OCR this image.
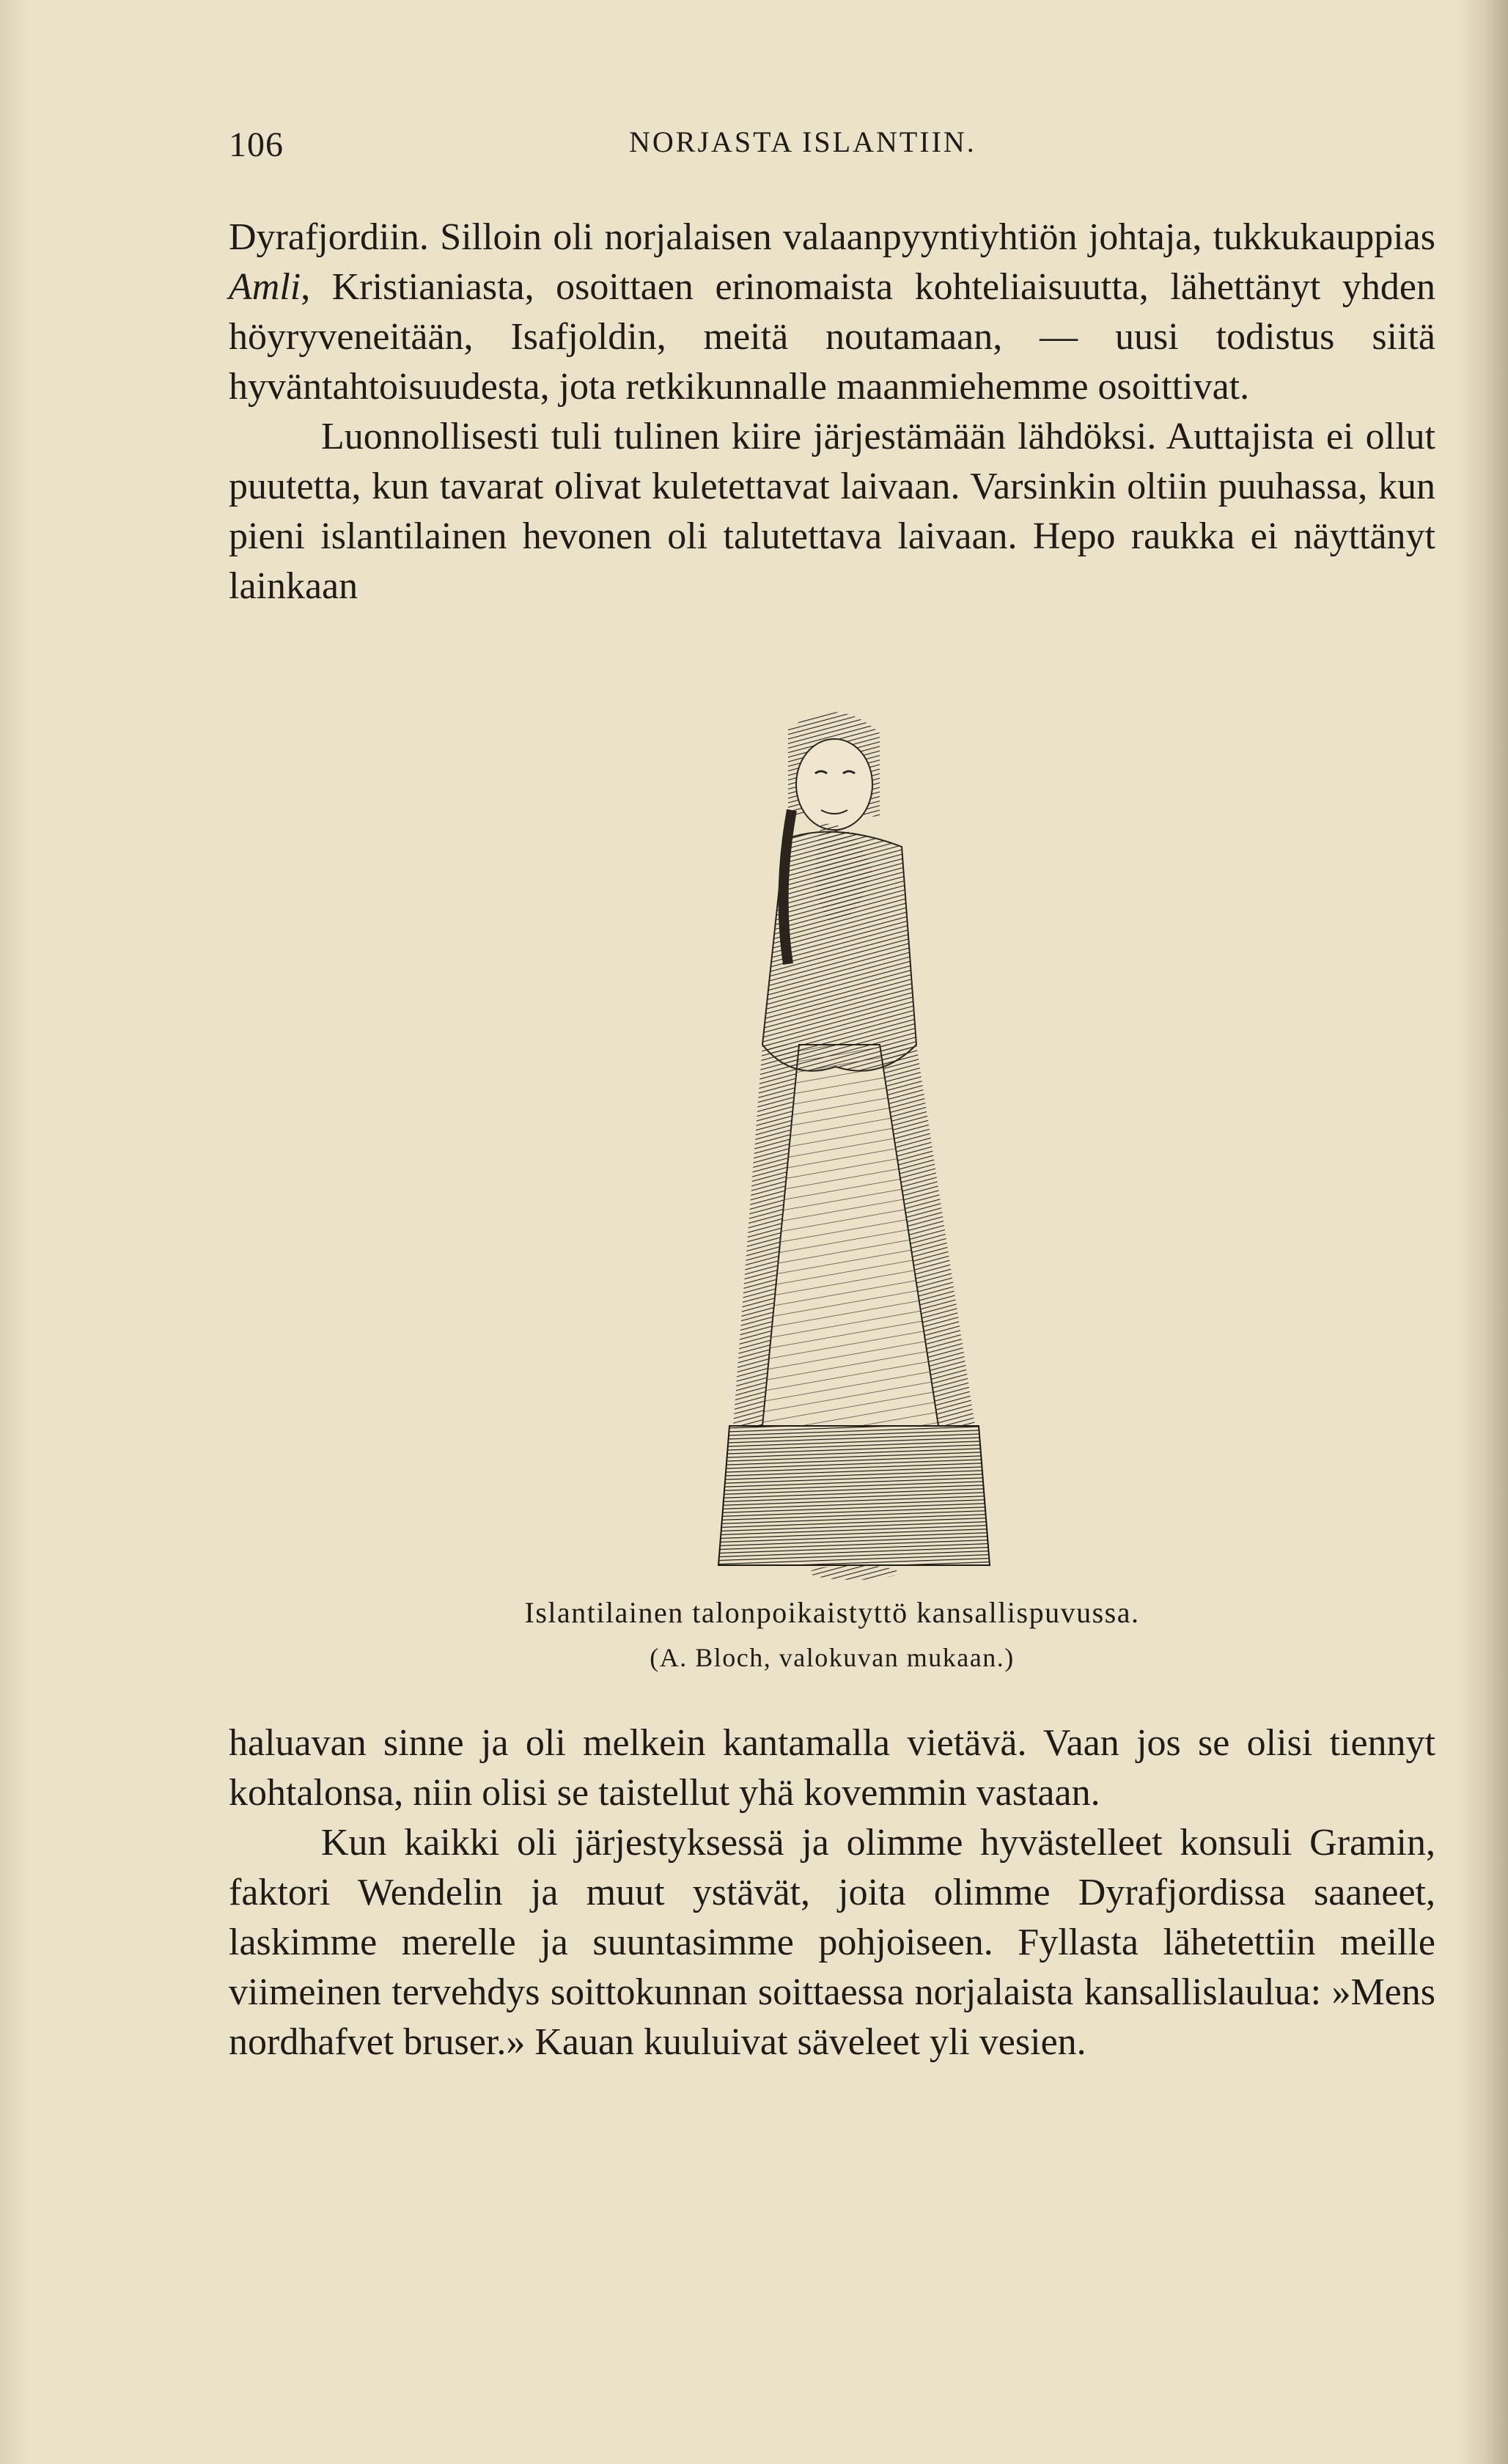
106	NORJASTA ISLANTIIN.

Dyrafjordiin. Silloin oli norjalaisen valaanpyyntiyhtiön johtaja, tukkukauppias Amli, Kristianiasta, osoittaen erinomaista kohteliaisuutta, lähettänyt yhden höyryveneitään, Isafjoldin, meitä noutamaan, — uusi todistus siitä hyväntahtoisuudesta, jota retkikunnalle maanmiehemme osoittivat.

Luonnollisesti tuli tulinen kiire järjestämään lähdöksi. Auttajista ei ollut puutetta, kun tavarat olivat kuletettavat laivaan. Varsinkin oltiin puuhassa, kun pieni islantilainen hevonen oli talutettava laivaan. Hepo raukka ei näyttänyt lainkaan

Islantilainen talonpoikaistyttö kansallispuvussa.
(A. Bloch, valokuvan mukaan.)

haluavan sinne ja oli melkein kantamalla vietävä. Vaan jos se olisi tiennyt kohtalonsa, niin olisi se taistellut yhä kovemmin vastaan.

Kun kaikki oli järjestyksessä ja olimme hyvästelleet konsuli Gramin, faktori Wendelin ja muut ystävät, joita olimme Dyrafjordissa saaneet, laskimme merelle ja suuntasimme pohjoiseen. Fyllasta lähetettiin meille viimeinen tervehdys soittokunnan soittaessa norjalaista kansallislaulua: »Mens nordhafvet bruser.» Kauan kuuluivat säveleet yli vesien.
